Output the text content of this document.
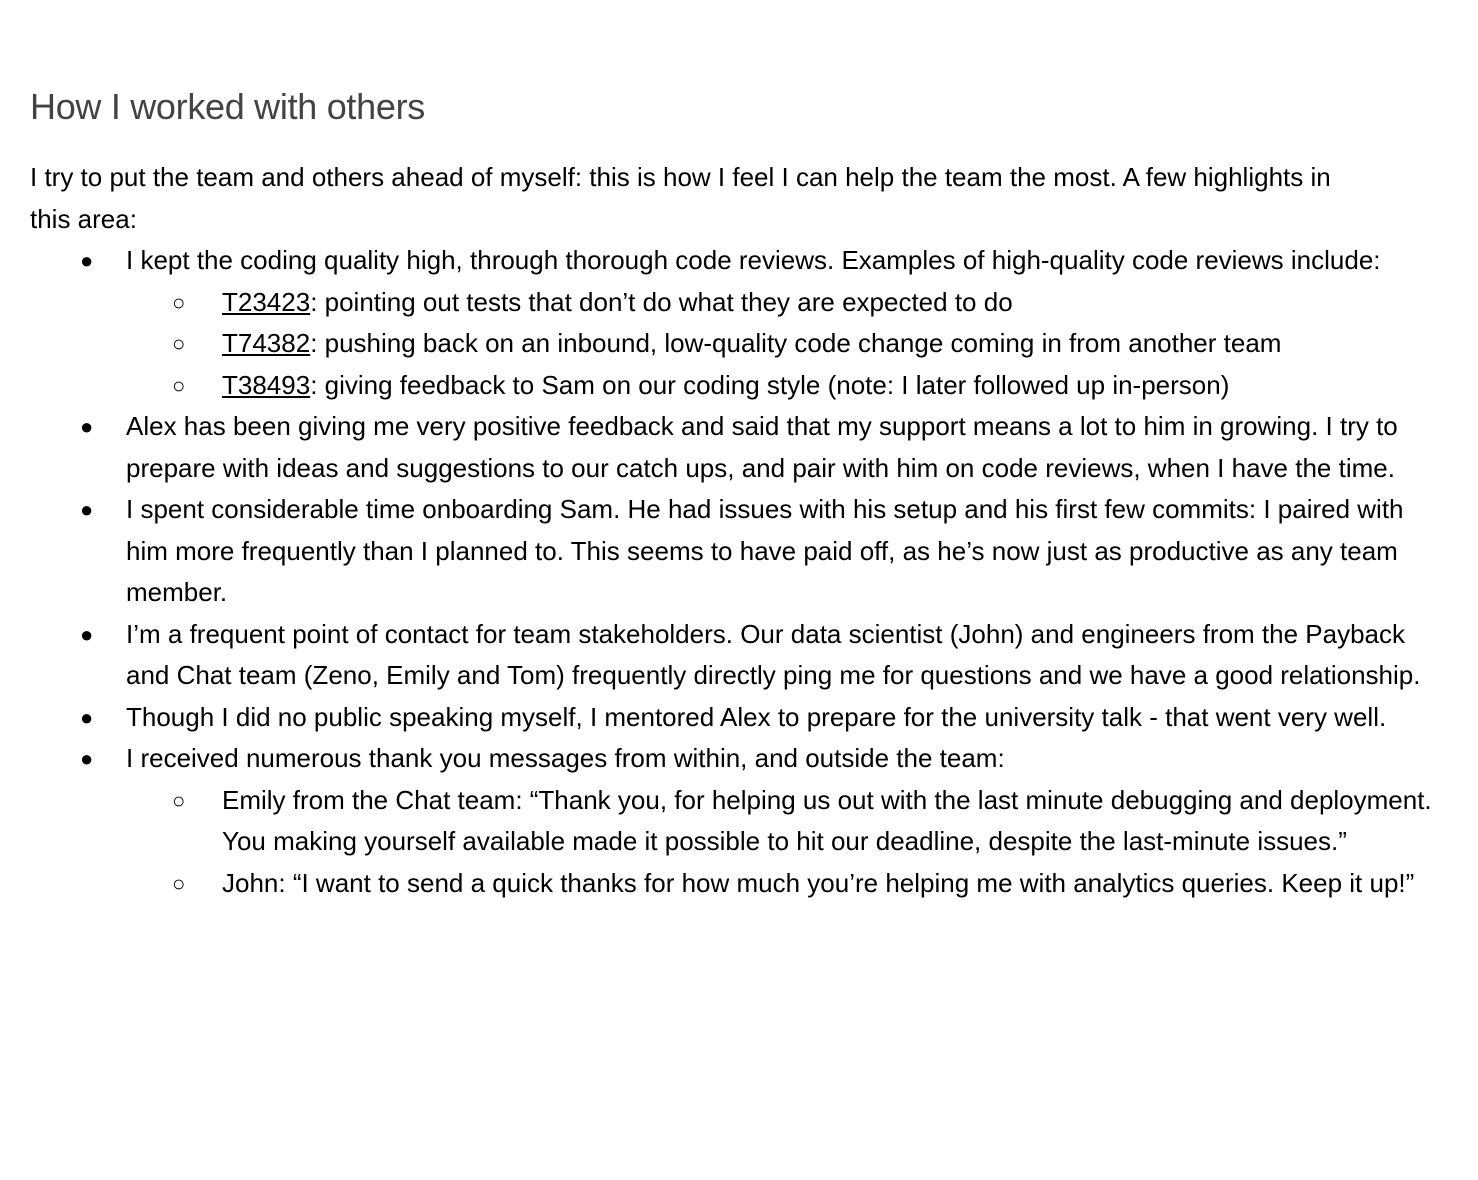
How I worked with others

I try to put the team and others ahead of myself: this is how I feel I can help the team the most. A few highlights in this area:

● I kept the coding quality high, through thorough code reviews. Examples of high-quality code reviews include:
○ T23423: pointing out tests that don’t do what they are expected to do
○ T74382: pushing back on an inbound, low-quality code change coming in from another team
○ T38493: giving feedback to Sam on our coding style (note: I later followed up in-person)
● Alex has been giving me very positive feedback and said that my support means a lot to him in growing. I try to prepare with ideas and suggestions to our catch ups, and pair with him on code reviews, when I have the time.
● I spent considerable time onboarding Sam. He had issues with his setup and his first few commits: I paired with him more frequently than I planned to. This seems to have paid off, as he’s now just as productive as any team member.
● I’m a frequent point of contact for team stakeholders. Our data scientist (John) and engineers from the Payback and Chat team (Zeno, Emily and Tom) frequently directly ping me for questions and we have a good relationship.
● Though I did no public speaking myself, I mentored Alex to prepare for the university talk - that went very well.
● I received numerous thank you messages from within, and outside the team:
○ Emily from the Chat team: “Thank you, for helping us out with the last minute debugging and deployment. You making yourself available made it possible to hit our deadline, despite the last-minute issues.”
○ John: “I want to send a quick thanks for how much you’re helping me with analytics queries. Keep it up!”
